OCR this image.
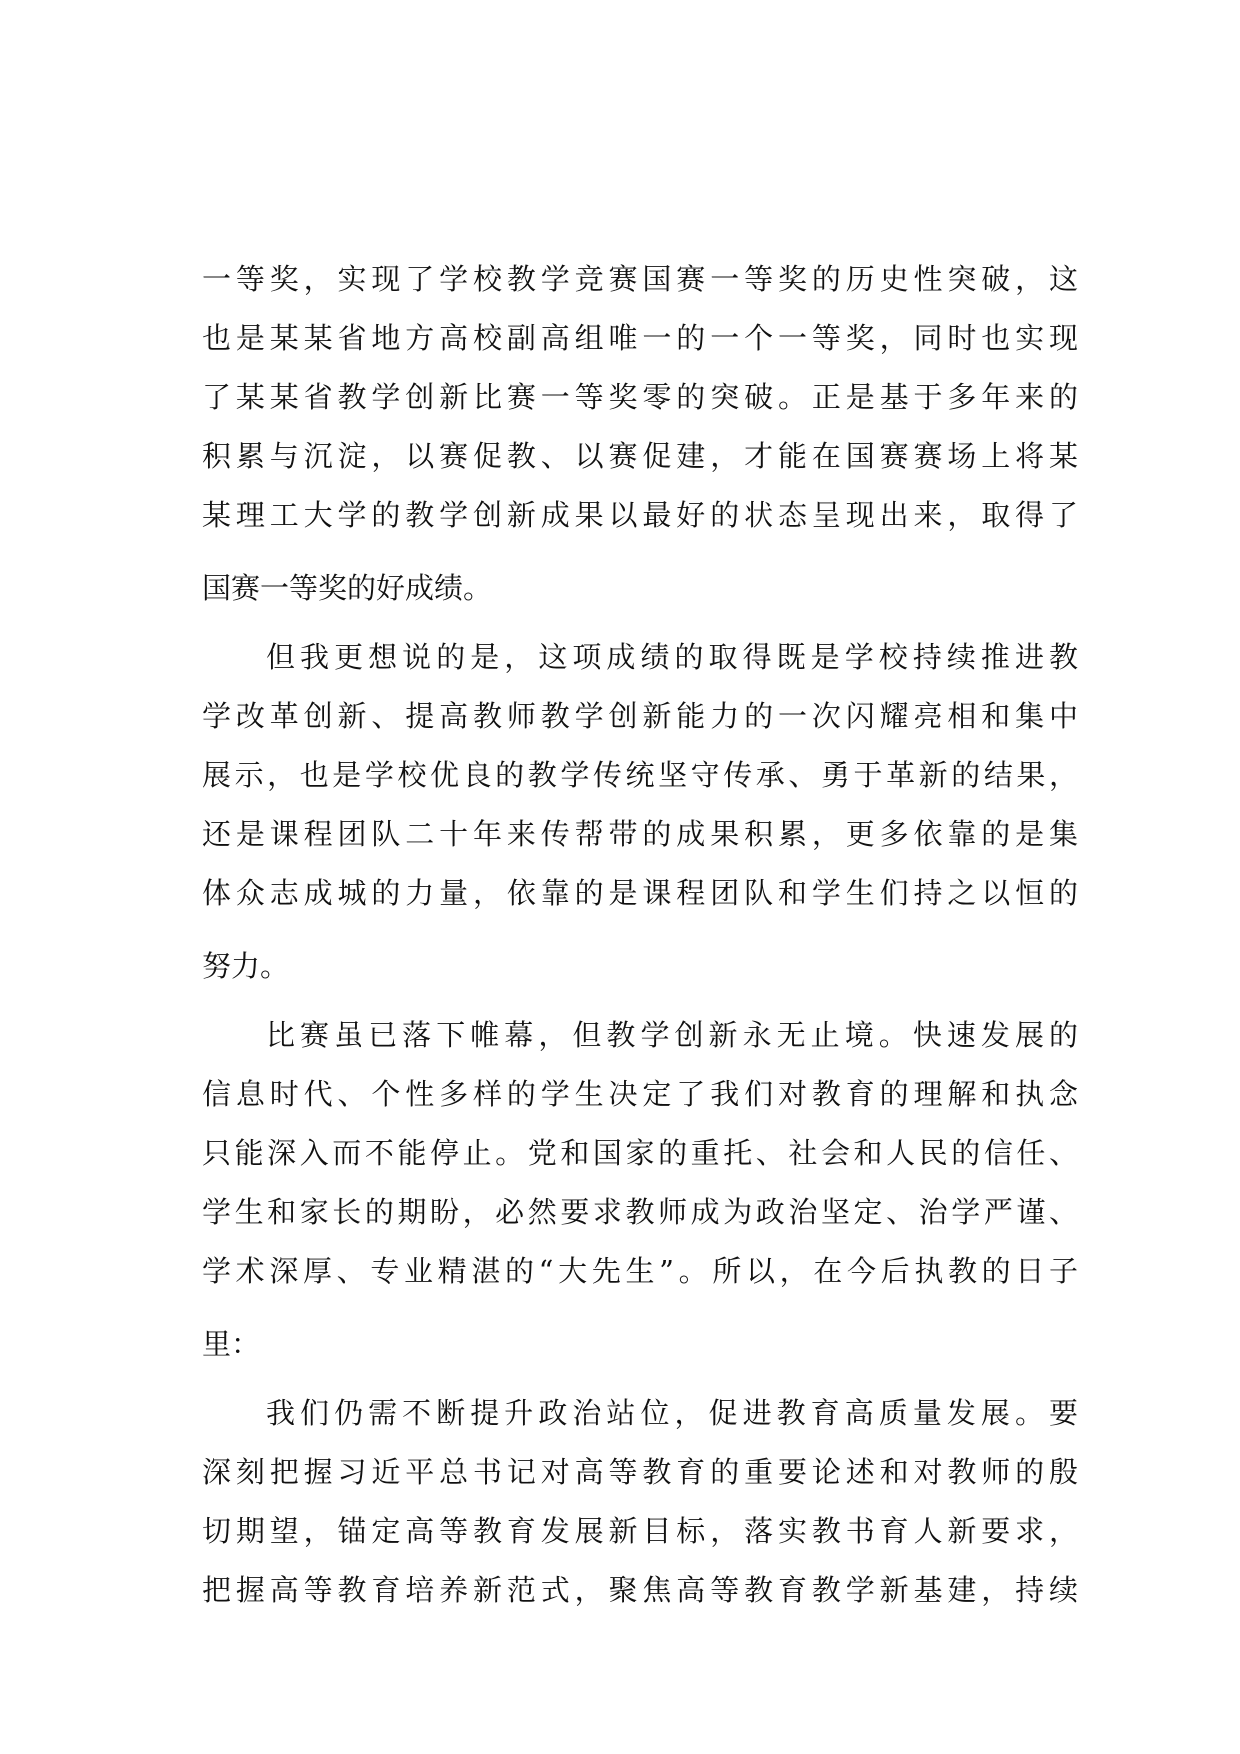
一等奖，实现了学校教学竞赛国赛一等奖的历史性突破，这
也是某某省地方高校副高组唯一的一个一等奖，同时也实现
了某某省教学创新比赛一等奖零的突破。正是基于多年来的
积累与沉淀，以赛促教、以赛促建，才能在国赛赛场上将某
某理工大学的教学创新成果以最好的状态呈现出来，取得了
国赛一等奖的好成绩。
但我更想说的是，这项成绩的取得既是学校持续推进教
学改革创新、提高教师教学创新能力的一次闪耀亮相和集中
展示，也是学校优良的教学传统坚守传承、勇于革新的结果，
还是课程团队二十年来传帮带的成果积累，更多依靠的是集
体众志成城的力量，依靠的是课程团队和学生们持之以恒的
努力。
比赛虽已落下帷幕，但教学创新永无止境。快速发展的
信息时代、个性多样的学生决定了我们对教育的理解和执念
只能深入而不能停止。党和国家的重托、社会和人民的信任、
学生和家长的期盼，必然要求教师成为政治坚定、治学严谨、
学术深厚、专业精湛的“大先生”。所以，在今后执教的日子
里：
我们仍需不断提升政治站位，促进教育高质量发展。要
深刻把握习近平总书记对高等教育的重要论述和对教师的殷
切期望，锚定高等教育发展新目标，落实教书育人新要求，
把握高等教育培养新范式，聚焦高等教育教学新基建，持续
